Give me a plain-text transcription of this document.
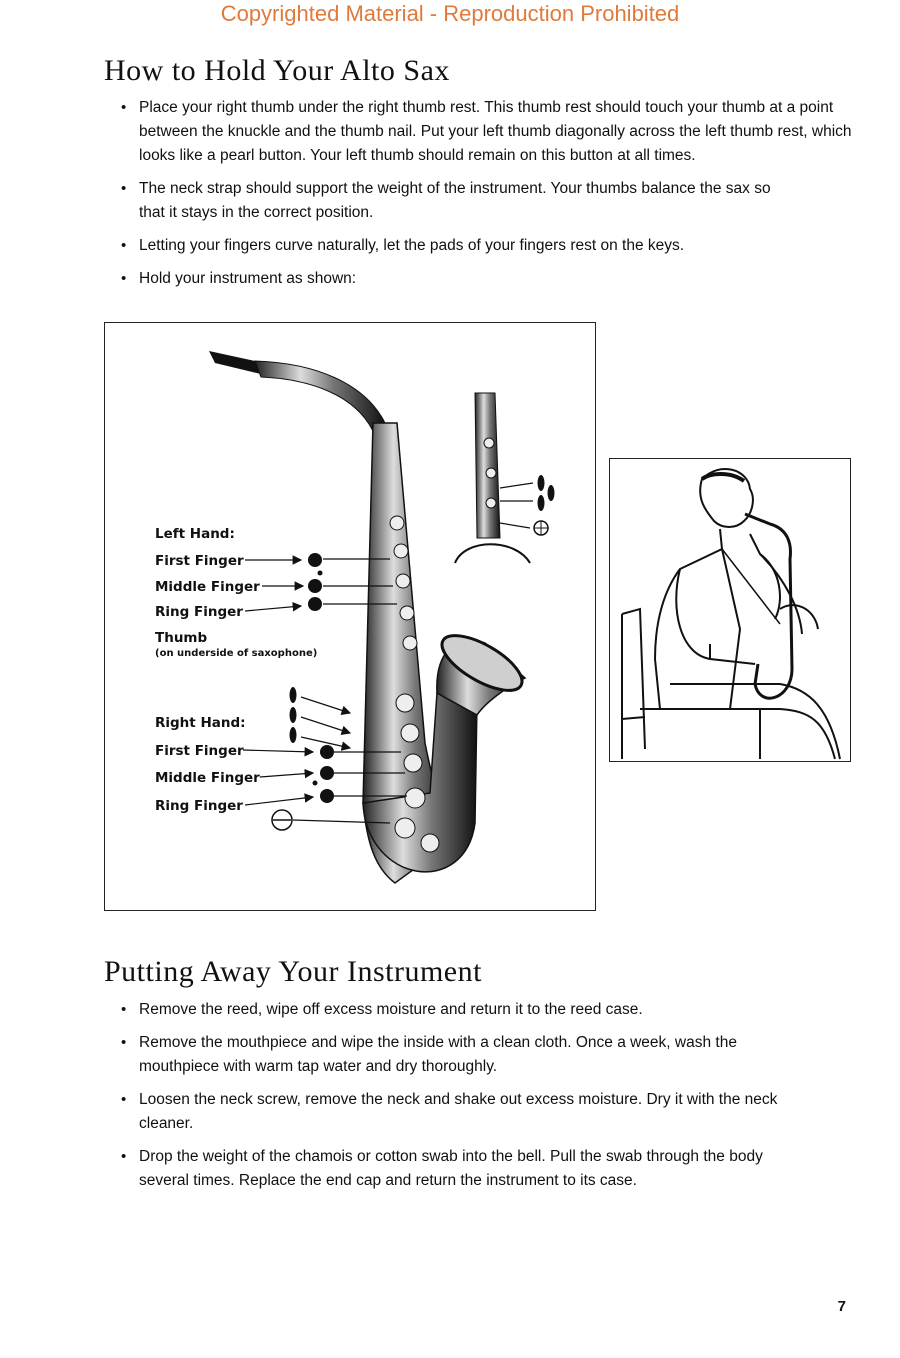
Copyrighted Material - Reproduction Prohibited
How to Hold Your Alto Sax
• Place your right thumb under the right thumb rest. This thumb rest should touch your thumb at a point between the knuckle and the thumb nail. Put your left thumb diagonally across the left thumb rest, which looks like a pearl button. Your left thumb should remain on this button at all times.
• The neck strap should support the weight of the instrument. Your thumbs balance the sax so that it stays in the correct position.
• Letting your fingers curve naturally, let the pads of your fingers rest on the keys.
• Hold your instrument as shown:
Left Hand:
First Finger
Middle Finger
Ring Finger
Thumb
(on underside of saxophone)
Right Hand:
First Finger
Middle Finger
Ring Finger
Putting Away Your Instrument
• Remove the reed, wipe off excess moisture and return it to the reed case.
• Remove the mouthpiece and wipe the inside with a clean cloth. Once a week, wash the mouthpiece with warm tap water and dry thoroughly.
• Loosen the neck screw, remove the neck and shake out excess moisture. Dry it with the neck cleaner.
• Drop the weight of the chamois or cotton swab into the bell. Pull the swab through the body several times. Replace the end cap and return the instrument to its case.
7
